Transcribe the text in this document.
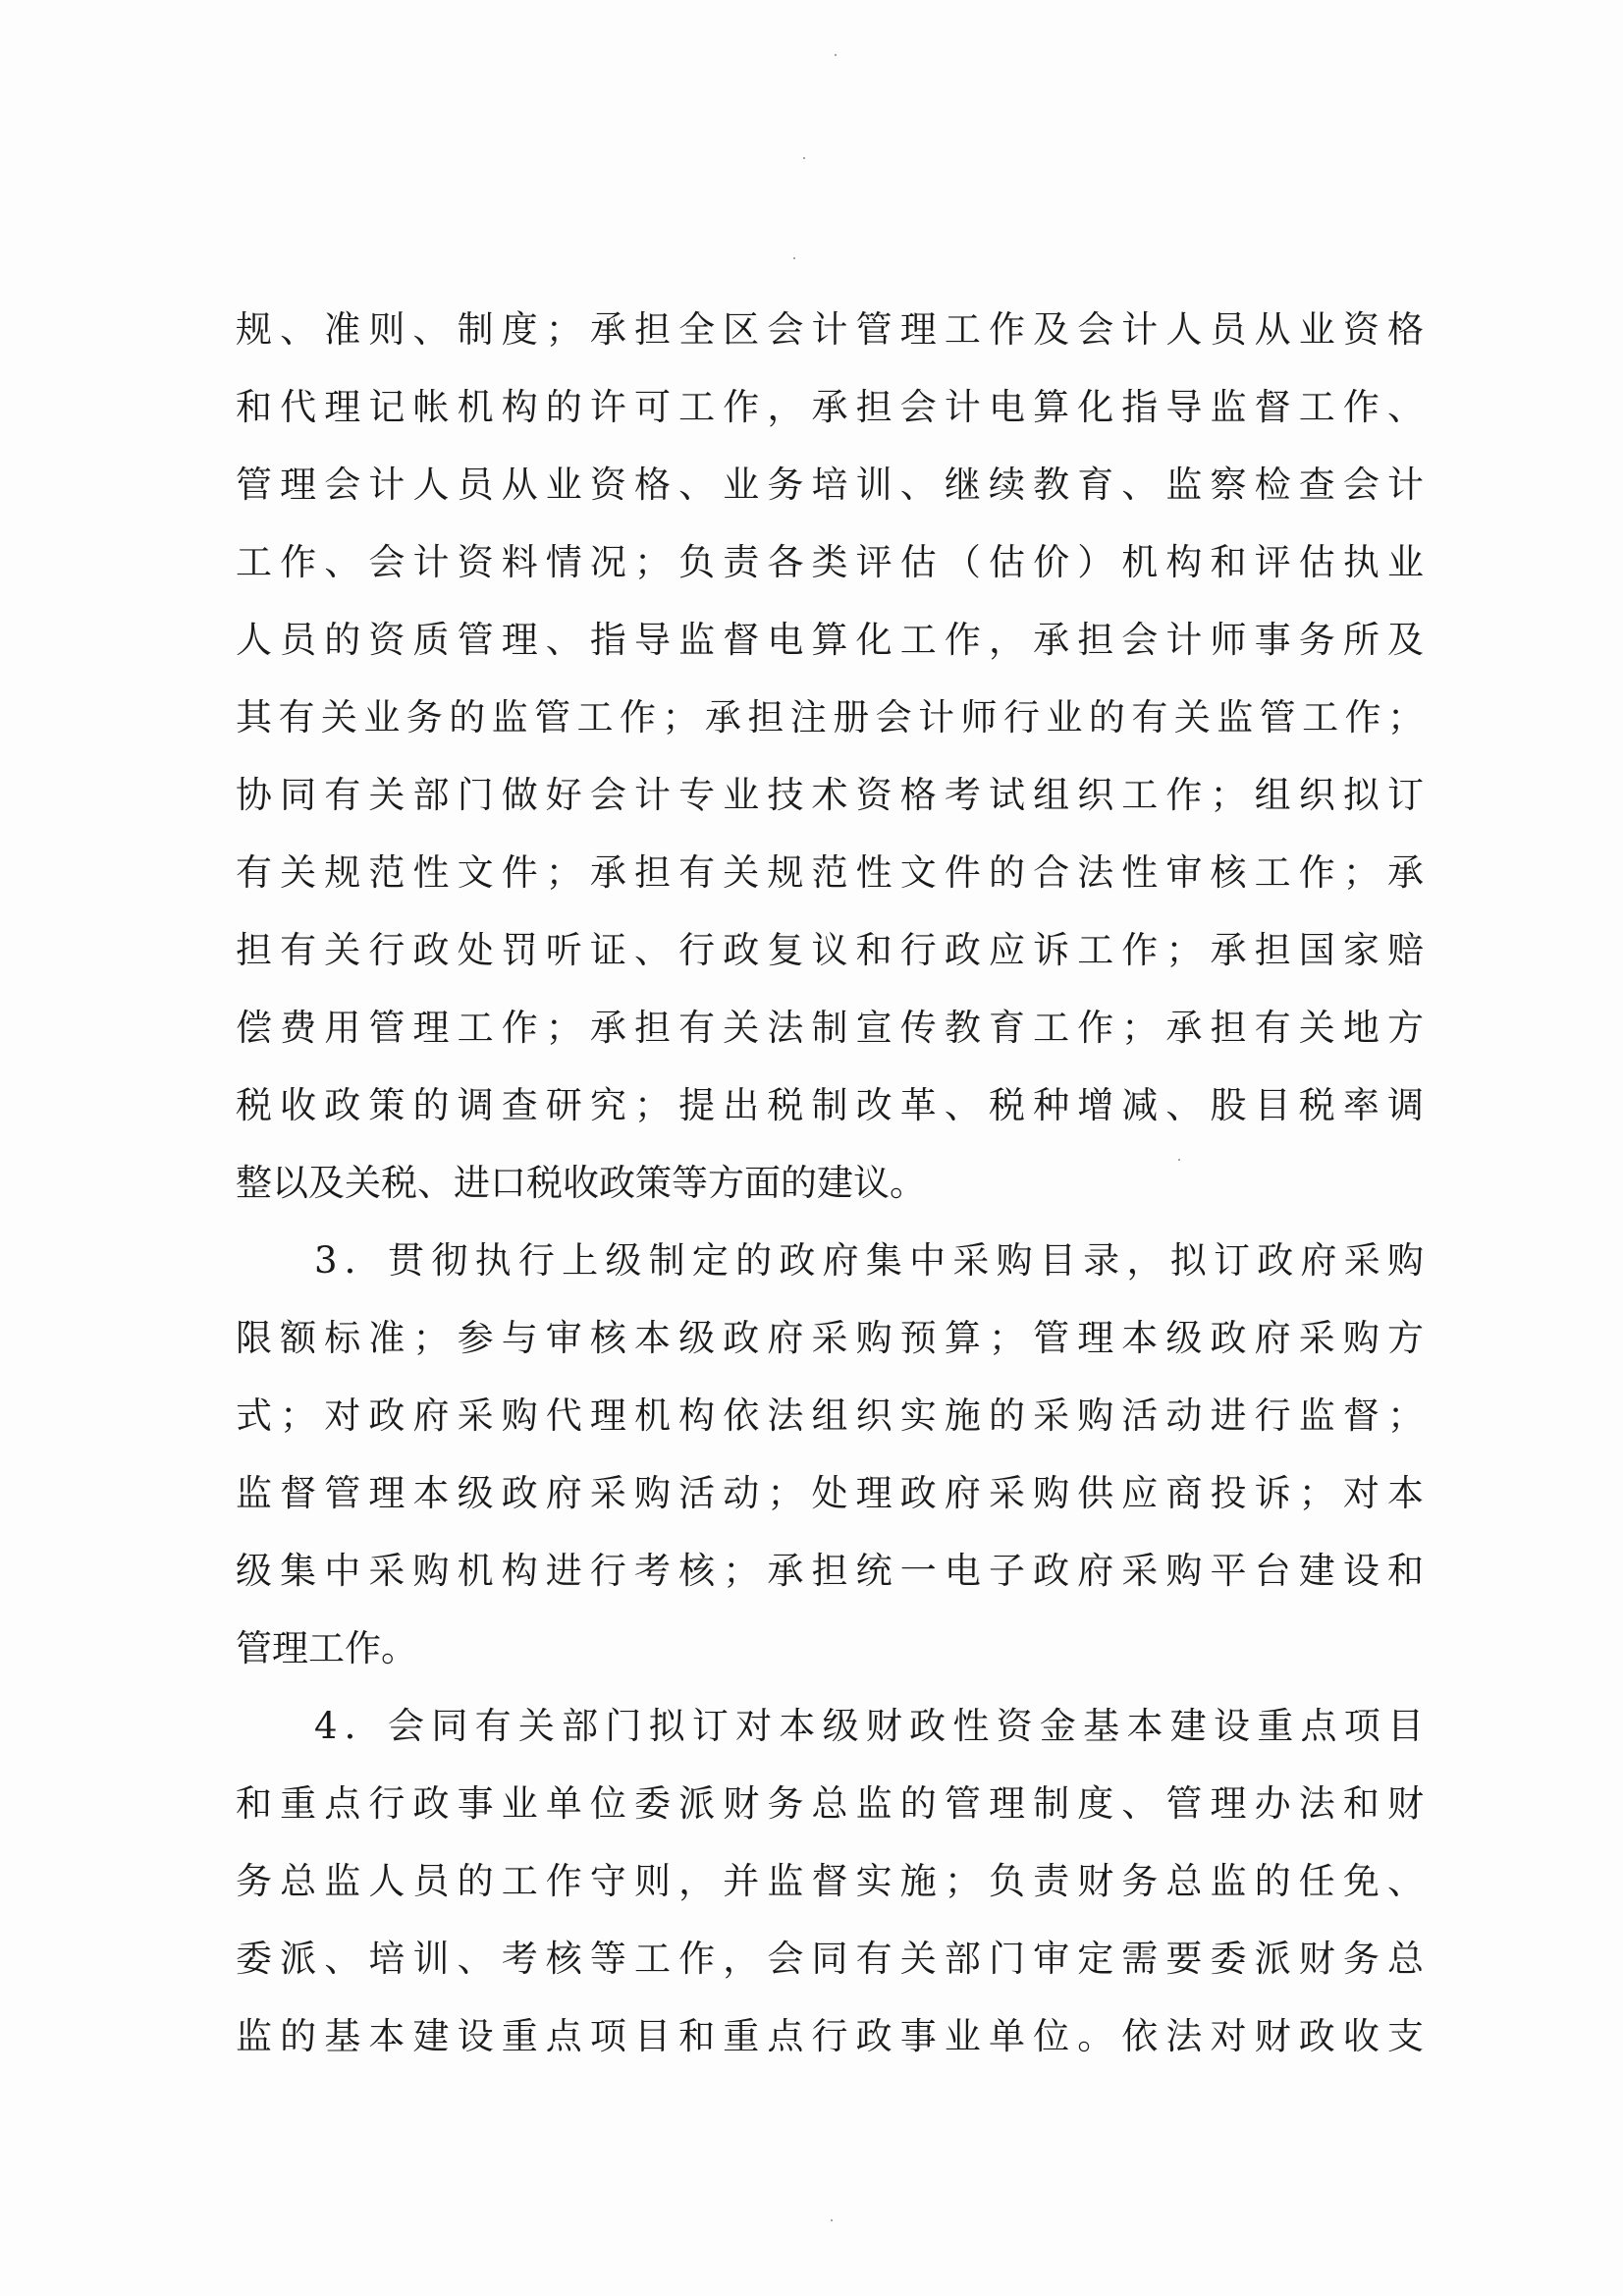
规、准则、制度；承担全区会计管理工作及会计人员从业资格
和代理记帐机构的许可工作，承担会计电算化指导监督工作、
管理会计人员从业资格、业务培训、继续教育、监察检查会计
工作、会计资料情况；负责各类评估（估价）机构和评估执业
人员的资质管理、指导监督电算化工作，承担会计师事务所及
其有关业务的监管工作；承担注册会计师行业的有关监管工作；
协同有关部门做好会计专业技术资格考试组织工作；组织拟订
有关规范性文件；承担有关规范性文件的合法性审核工作；承
担有关行政处罚听证、行政复议和行政应诉工作；承担国家赔
偿费用管理工作；承担有关法制宣传教育工作；承担有关地方
税收政策的调查研究；提出税制改革、税种增减、股目税率调
整以及关税、进口税收政策等方面的建议。
3．贯彻执行上级制定的政府集中采购目录，拟订政府采购
限额标准；参与审核本级政府采购预算；管理本级政府采购方
式；对政府采购代理机构依法组织实施的采购活动进行监督；
监督管理本级政府采购活动；处理政府采购供应商投诉；对本
级集中采购机构进行考核；承担统一电子政府采购平台建设和
管理工作。
4．会同有关部门拟订对本级财政性资金基本建设重点项目
和重点行政事业单位委派财务总监的管理制度、管理办法和财
务总监人员的工作守则，并监督实施；负责财务总监的任免、
委派、培训、考核等工作，会同有关部门审定需要委派财务总
监的基本建设重点项目和重点行政事业单位。依法对财政收支
